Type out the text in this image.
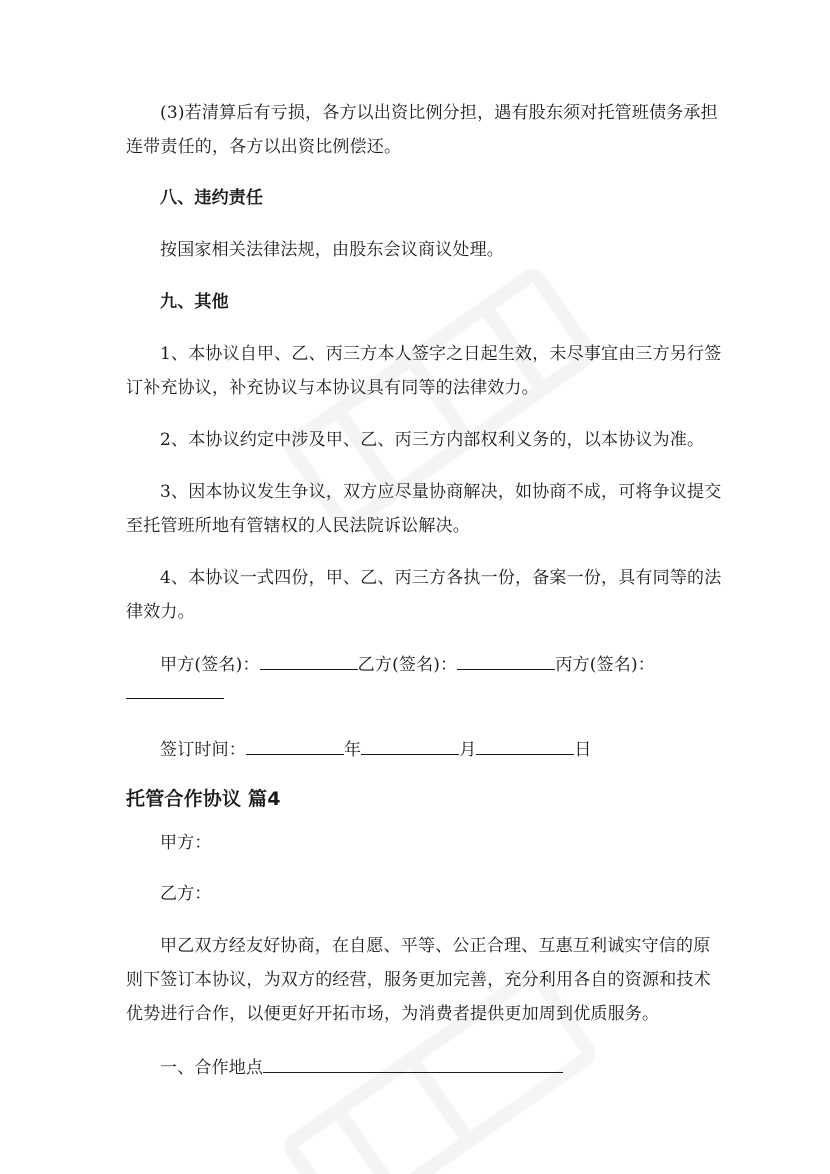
(3)若清算后有亏损，各方以出资比例分担，遇有股东须对托管班债务承担
连带责任的，各方以出资比例偿还。
八、违约责任
按国家相关法律法规，由股东会议商议处理。
九、其他
1、本协议自甲、乙、丙三方本人签字之日起生效，未尽事宜由三方另行签
订补充协议，补充协议与本协议具有同等的法律效力。
2、本协议约定中涉及甲、乙、丙三方内部权利义务的，以本协议为准。
3、因本协议发生争议，双方应尽量协商解决，如协商不成，可将争议提交
至托管班所地有管辖权的人民法院诉讼解决。
4、本协议一式四份，甲、乙、丙三方各执一份，备案一份，具有同等的法
律效力。
甲方(签名)：	乙方(签名)：	丙方(签名)：
签订时间：	年	月	日
托管合作协议 篇4
甲方：
乙方：
甲乙双方经友好协商，在自愿、平等、公正合理、互惠互利诚实守信的原
则下签订本协议，为双方的经营，服务更加完善，充分利用各自的资源和技术
优势进行合作，以便更好开拓市场，为消费者提供更加周到优质服务。
一、合作地点
